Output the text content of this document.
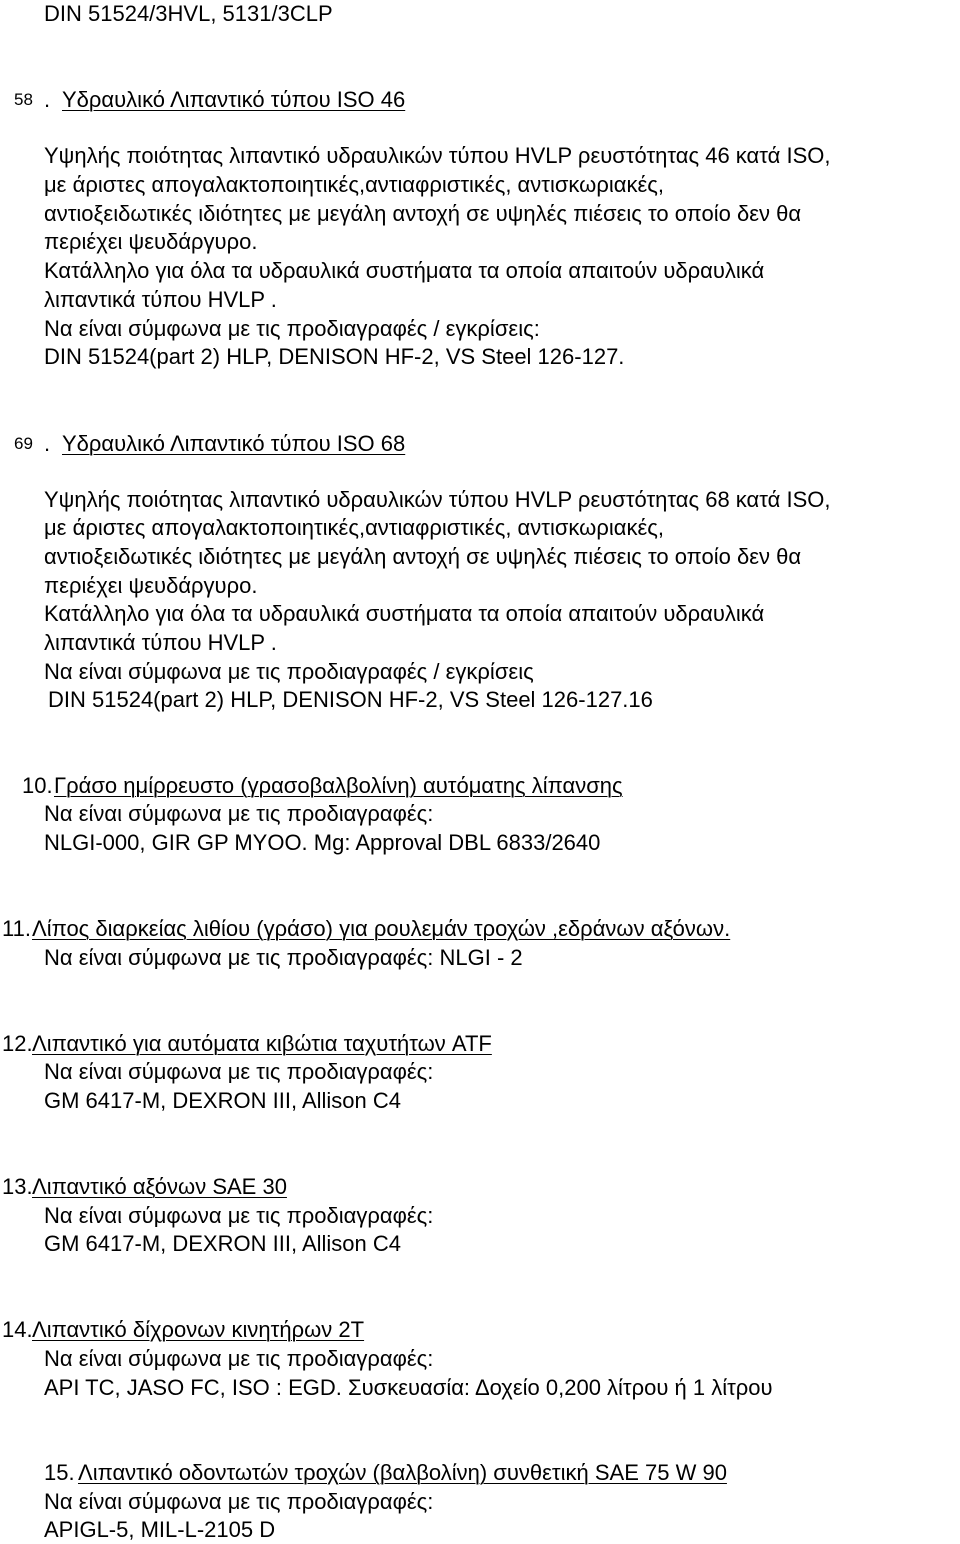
DIN 51524/3HVL, 5131/3CLP
58 . Υδραυλικό Λιπαντικό τύπου ISO 46
Υψηλής ποιότητας λιπαντικό υδραυλικών τύπου HVLP ρευστότητας 46 κατά ISO,
με άριστες απογαλακτοποιητικές,αντιαφριστικές, αντισκωριακές,
αντιοξειδωτικές ιδιότητες με μεγάλη αντοχή σε υψηλές πιέσεις το οποίο δεν θα
περιέχει ψευδάργυρο.
Κατάλληλο για όλα τα υδραυλικά συστήματα τα οποία απαιτούν υδραυλικά
λιπαντικά τύπου HVLP .
Να είναι σύμφωνα με τις προδιαγραφές / εγκρίσεις:
DIN 51524(part 2) HLP, DENISON HF-2, VS Steel 126-127.
69 . Υδραυλικό Λιπαντικό τύπου ISO 68
Υψηλής ποιότητας λιπαντικό υδραυλικών τύπου HVLP ρευστότητας 68 κατά ISO,
με άριστες απογαλακτοποιητικές,αντιαφριστικές, αντισκωριακές,
αντιοξειδωτικές ιδιότητες με μεγάλη αντοχή σε υψηλές πιέσεις το οποίο δεν θα
περιέχει ψευδάργυρο.
Κατάλληλο για όλα τα υδραυλικά συστήματα τα οποία απαιτούν υδραυλικά
λιπαντικά τύπου HVLP .
Να είναι σύμφωνα με τις προδιαγραφές / εγκρίσεις
DIN 51524(part 2) HLP, DENISON HF-2, VS Steel 126-127.16
10. Γράσο ημίρρευστο (γρασοβαλβολίνη) αυτόματης λίπανσης
Να είναι σύμφωνα με τις προδιαγραφές:
NLGI-000, GIR GP MYOO. Mg: Approval DBL 6833/2640
11. Λίπος διαρκείας λιθίου (γράσο) για ρουλεμάν τροχών ,εδράνων αξόνων.
Να είναι σύμφωνα με τις προδιαγραφές: NLGI - 2
12. Λιπαντικό για αυτόματα κιβώτια ταχυτήτων ATF
Να είναι σύμφωνα με τις προδιαγραφές:
GM 6417-M, DEXRON III, Allison C4
13. Λιπαντικό αξόνων SAE 30
Να είναι σύμφωνα με τις προδιαγραφές:
GM 6417-M, DEXRON III, Allison C4
14. Λιπαντικό δίχρονων κινητήρων 2T
Να είναι σύμφωνα με τις προδιαγραφές:
API TC, JASO FC, ISO : EGD. Συσκευασία: Δοχείο 0,200 λίτρου ή 1 λίτρου
15. Λιπαντικό οδοντωτών τροχών (βαλβολίνη) συνθετική SAE 75 W 90
Να είναι σύμφωνα με τις προδιαγραφές:
APIGL-5, MIL-L-2105 D
